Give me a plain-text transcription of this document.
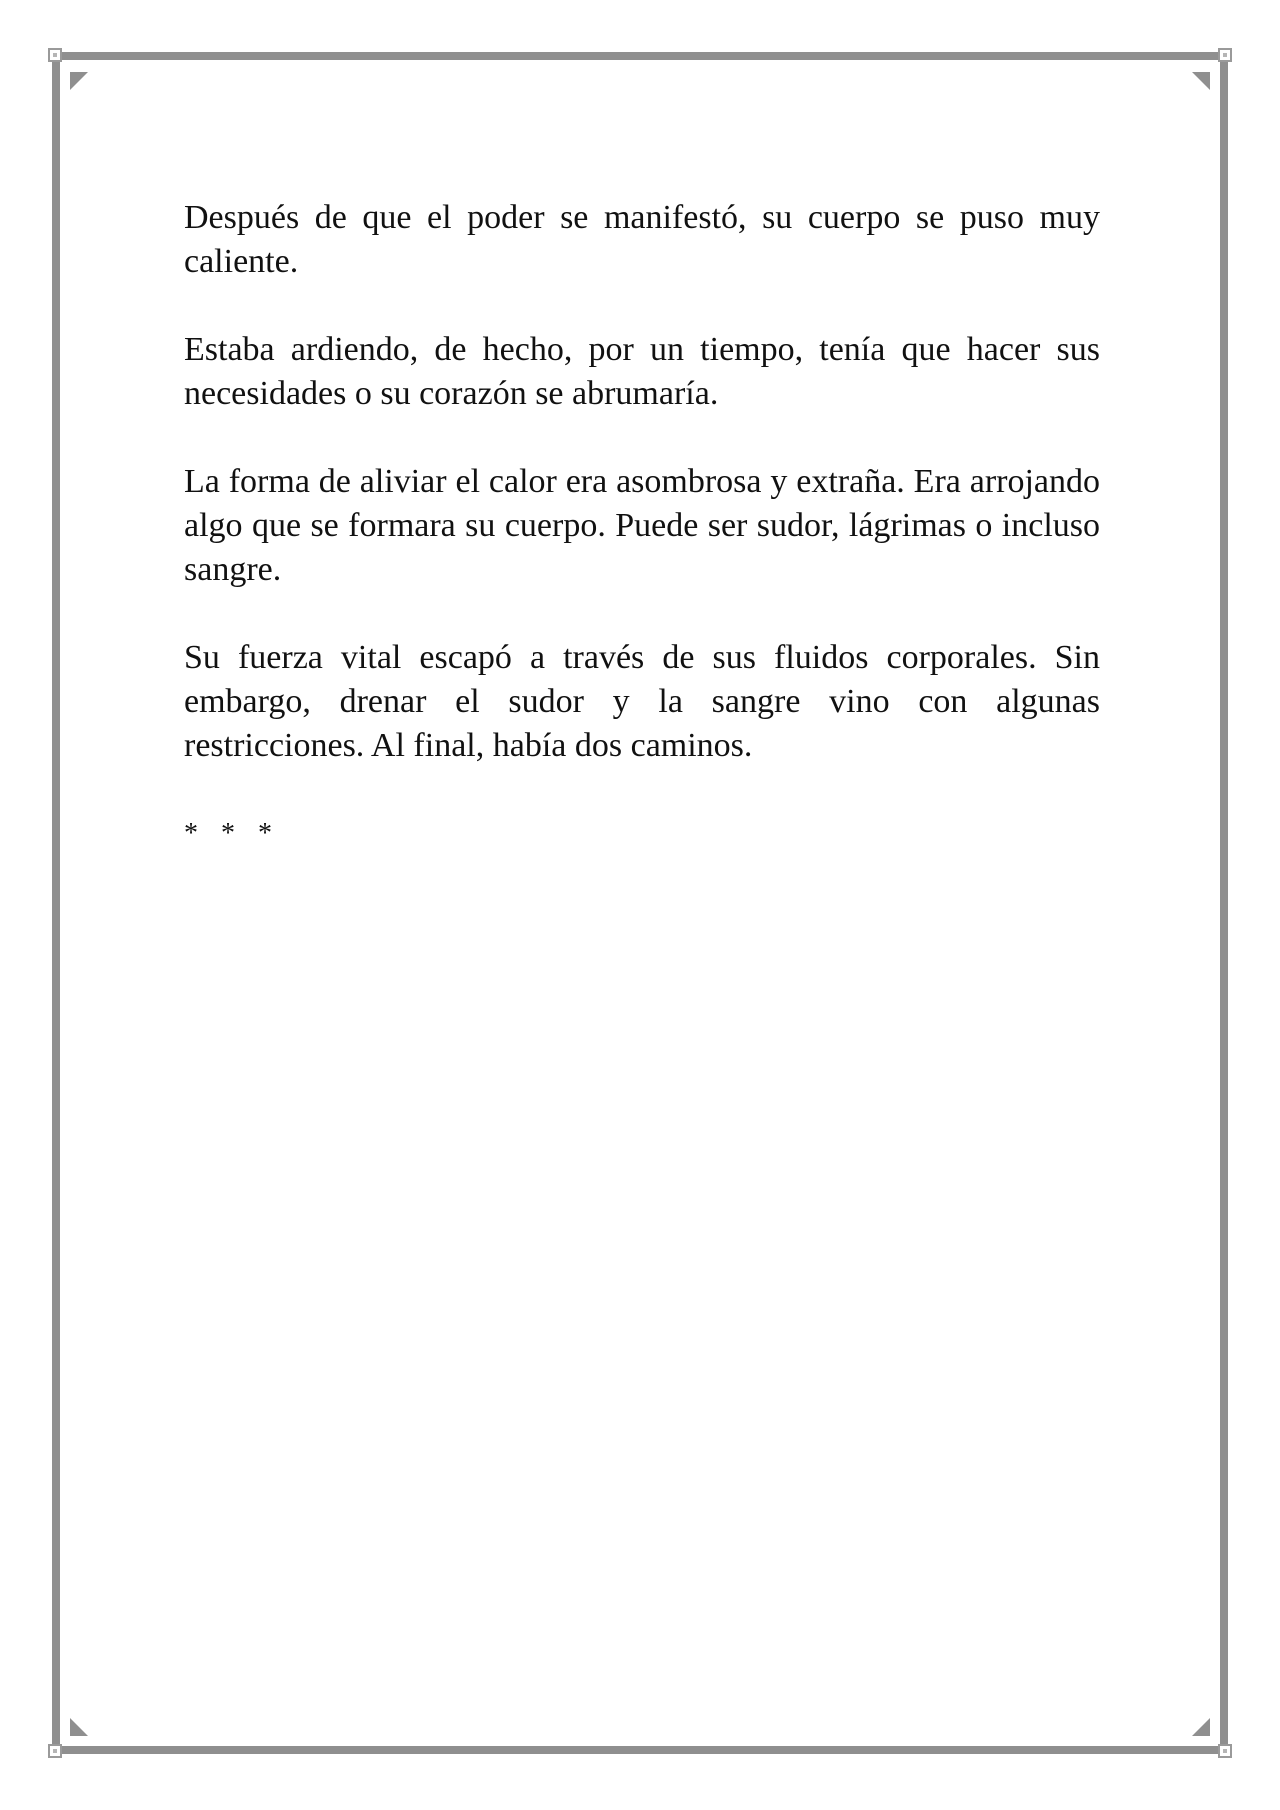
Después de que el poder se manifestó, su cuerpo se puso muy caliente.

Estaba ardiendo, de hecho, por un tiempo, tenía que hacer sus necesidades o su corazón se abrumaría.

La forma de aliviar el calor era asombrosa y extraña. Era arrojando algo que se formara su cuerpo. Puede ser sudor, lágrimas o incluso sangre.

Su fuerza vital escapó a través de sus fluidos corporales. Sin embargo, drenar el sudor y la sangre vino con algunas restricciones. Al final, había dos caminos.

* * *
